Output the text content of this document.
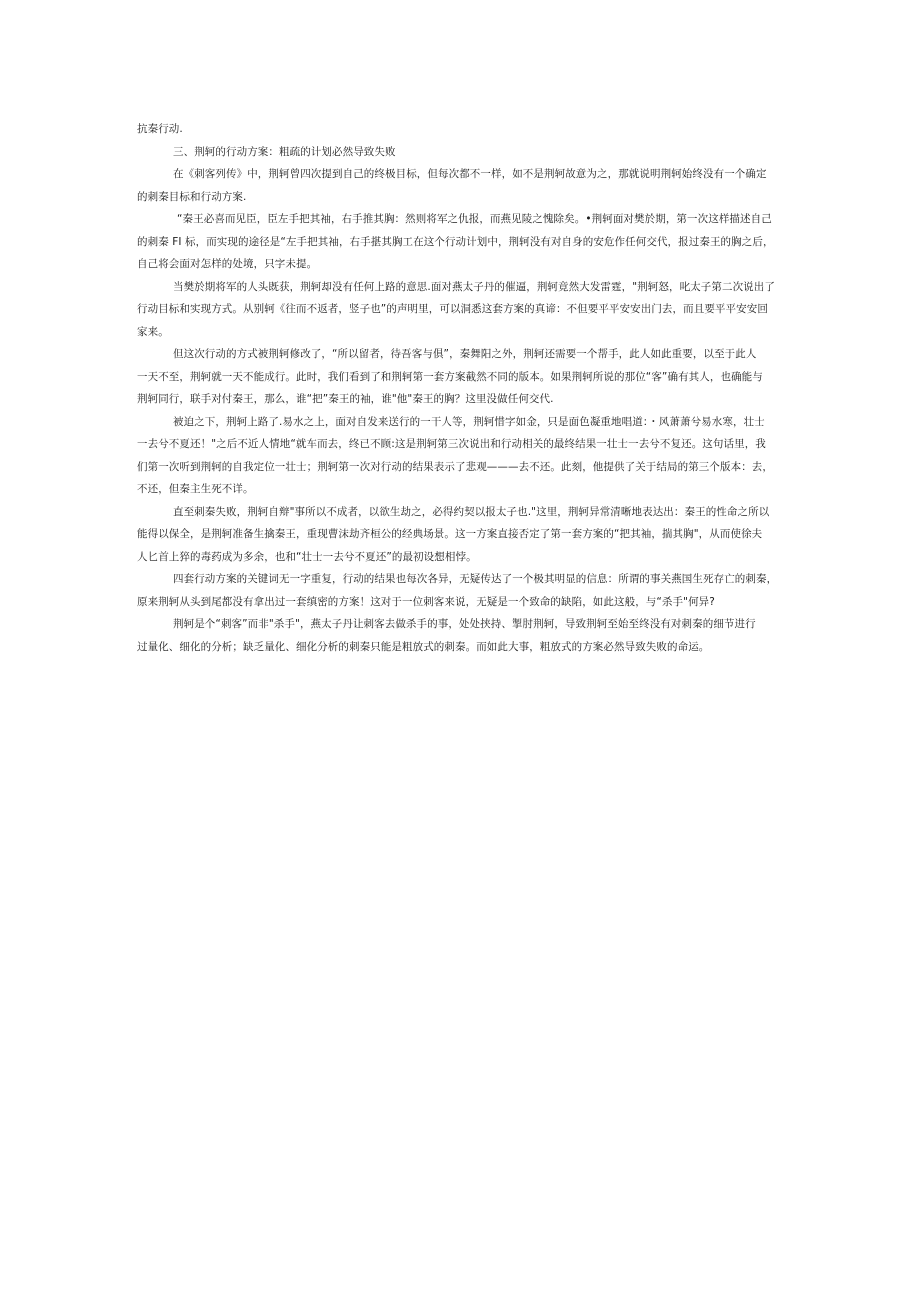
抗秦行动.

三、荆轲的行动方案：粗疏的计划必然导致失败

在《刺客列传》中，荆轲曾四次提到自己的终极目标，但每次都不一样，如不是荆轲故意为之，那就说明荆轲始终没有一个确定

的刺秦目标和行动方案.

“秦王必喜而见臣，臣左手把其袖，右手推其胸：然则将军之仇报，而燕见陵之愧除矣。•荆轲面对樊於期，第一次这样描述自己

的刺秦 FI 标，而实现的途径是“左手把其袖，右手揕其胸工在这个行动计划中，荆轲没有对自身的安危作任何交代，报过秦王的胸之后，

自己将会面对怎样的处境，只字未提。

当樊於期将军的人头既获，荆轲却没有任何上路的意思.面对燕太子丹的催逼，荆轲竟然大发雷霆，"荆轲怒，叱太子第二次说出了

行动目标和实现方式。从别轲《往而不返者，竖子也”的声明里，可以洞悉这套方案的真谛：不但要平平安安出门去，而且要平平安安回

家来。

但这次行动的方式被荆轲修改了，“所以留者，待吾客与俱”，秦舞阳之外，荆轲还需要一个帮手，此人如此重要，以至于此人

一天不至，荆轲就一天不能成行。此时，我们看到了和荆轲第一套方案截然不同的版本。如果荆轲所说的那位“客”确有其人，也确能与

荆轲同行，联手对付秦王，那么，谁“把”秦王的袖，谁"他"秦王的胸？这里没做任何交代.

被迫之下，荆轲上路了.易水之上，面对自发来送行的一干人等，荆轲惜字如金，只是面色凝重地唱道：・风萧萧兮易水寒，壮士

一去兮不夏还！"之后不近人情地“就车而去，终已不顾:这是荆轲第三次说出和行动相关的最终结果一壮士一去兮不复还。这句话里，我

们第一次听到荆轲的自我定位一壮士；荆轲第一次对行动的结果表示了悲观———去不还。此刻，他提供了关于结局的第三个版本：去，

不还，但秦主生死不详。

直至刺秦失败，荆轲自辩"事所以不成者，以欲生劫之，必得约契以报太子也."这里，荆轲异常清晰地表达出：秦王的性命之所以

能得以保全，是荆轲准备生擒秦王，重现曹沫劫齐桓公的经典场景。这一方案直接否定了第一套方案的“把其袖，揣其胸"，从而使徐夫

人匕首上猝的毒药成为多余，也和“壮士一去兮不夏还”的最初设想相悖。

四套行动方案的关键词无一字重复，行动的结果也每次各异，无疑传达了一个极其明显的信息：所谓的事关燕国生死存亡的刺秦，

原来荆轲从头到尾都没有拿出过一套缜密的方案！这对于一位刺客来说，无疑是一个致命的缺陷，如此这般，与“杀手"何异?

荆轲是个“刺客”而非"杀手"，燕太子丹让刺客去做杀手的事，处处挟持、掣肘荆轲，导致荆轲至始至终没有对刺秦的细节进行

过量化、细化的分析；缺乏量化、细化分析的刺秦只能是粗放式的刺秦。而如此大事，粗放式的方案必然导致失败的命运。
